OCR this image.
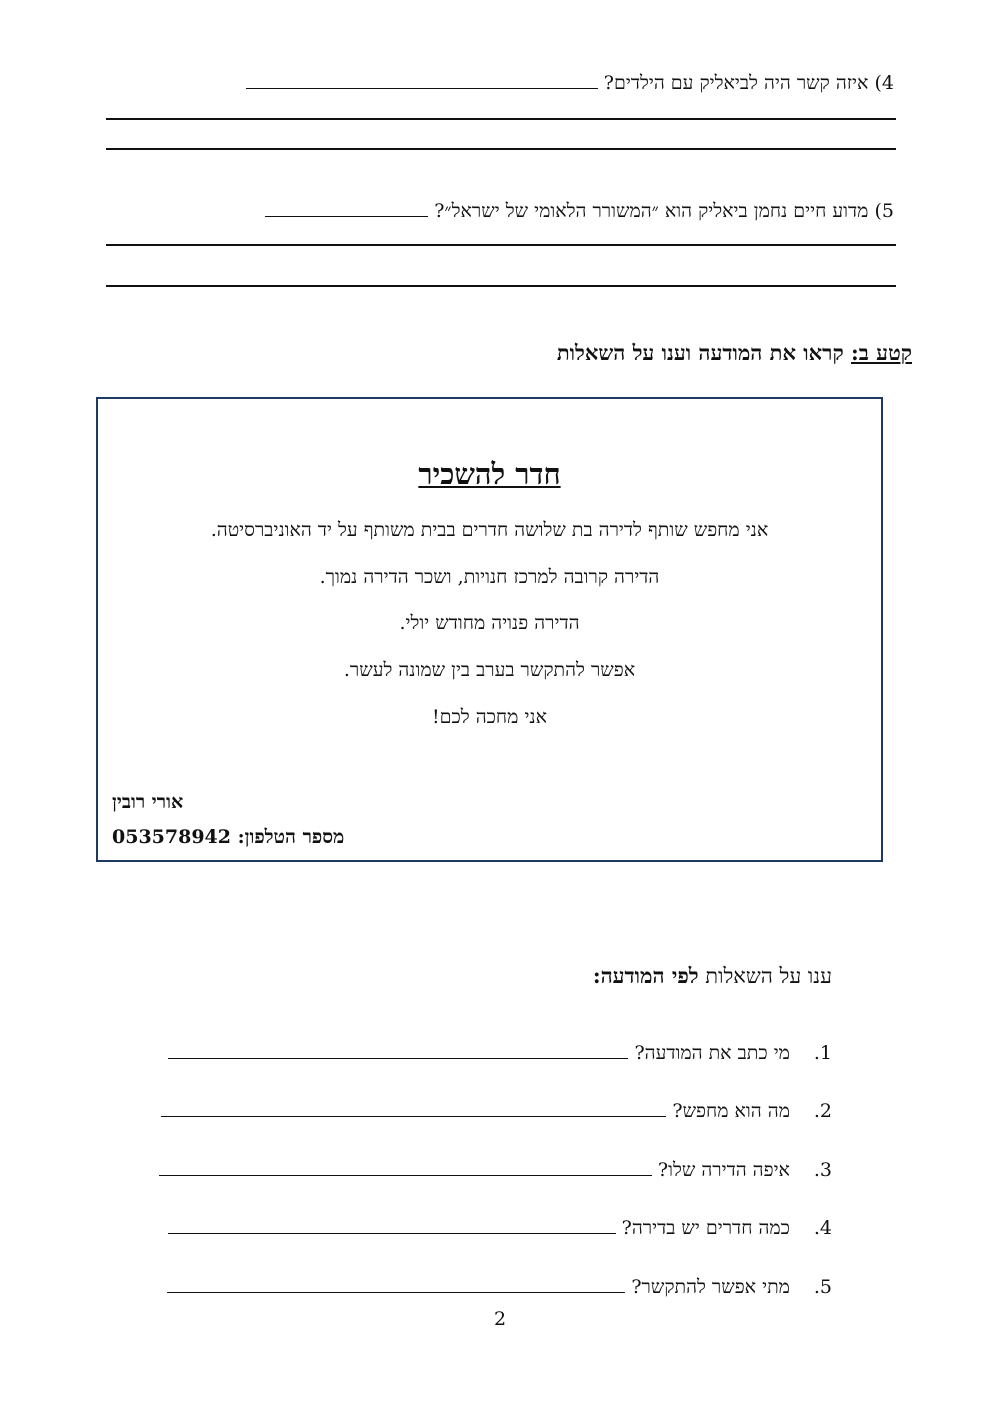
4) איזה קשר היה לביאליק עם הילדים?
5) מדוע חיים נחמן ביאליק הוא ״המשורר הלאומי של ישראל״?
קטע ב: קראו את המודעה וענו על השאלות
חדר להשכיר
אני מחפש שותף לדירה בת שלושה חדרים בבית משותף על יד האוניברסיטה.
הדירה קרובה למרכז חנויות, ושכר הדירה נמוך.
הדירה פנויה מחודש יולי.
אפשר להתקשר בערב בין שמונה לעשר.
אני מחכה לכם!
אורי רובין
מספר הטלפון: 053578942
ענו על השאלות לפי המודעה:
1. מי כתב את המודעה?
2. מה הוא מחפש?
3. איפה הדירה שלו?
4. כמה חדרים יש בדירה?
5. מתי אפשר להתקשר?
2
